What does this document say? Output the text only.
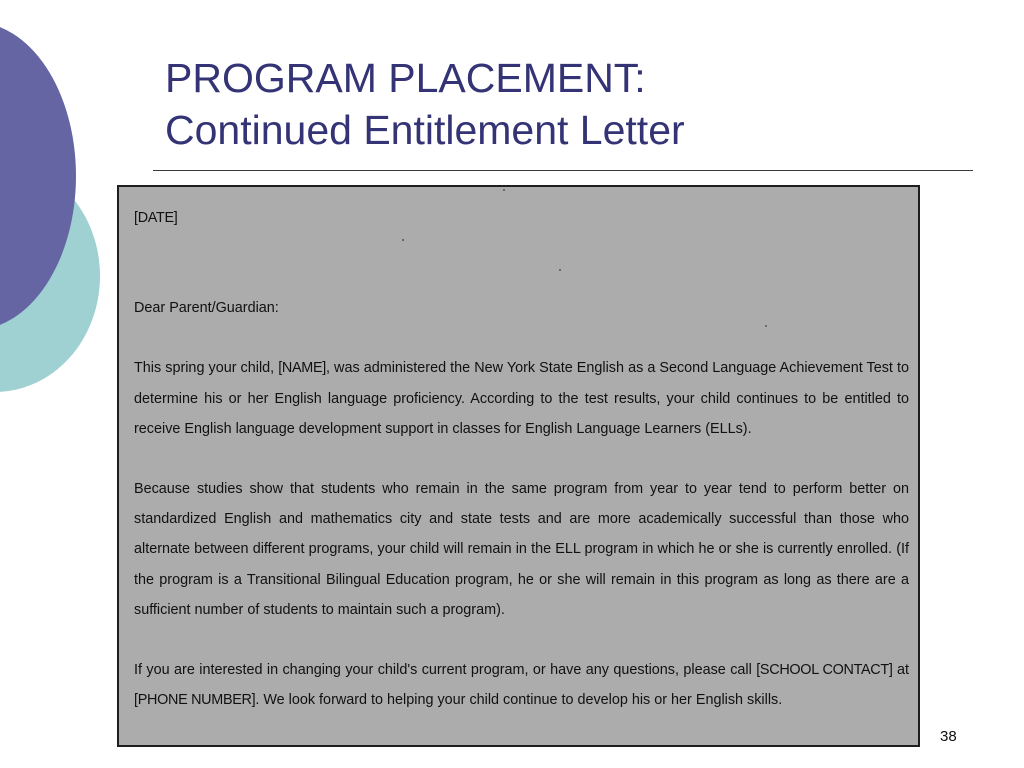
PROGRAM PLACEMENT:
Continued Entitlement Letter

[DATE]

Dear Parent/Guardian:

This spring your child, [NAME], was administered the New York State English as a Second Language Achievement Test to determine his or her English language proficiency. According to the test results, your child continues to be entitled to receive English language development support in classes for English Language Learners (ELLs).

Because studies show that students who remain in the same program from year to year tend to perform better on standardized English and mathematics city and state tests and are more academically successful than those who alternate between different programs, your child will remain in the ELL program in which he or she is currently enrolled. (If the program is a Transitional Bilingual Education program, he or she will remain in this program as long as there are a sufficient number of students to maintain such a program).

If you are interested in changing your child's current program, or have any questions, please call [SCHOOL CONTACT] at [PHONE NUMBER]. We look forward to helping your child continue to develop his or her English skills.

38
